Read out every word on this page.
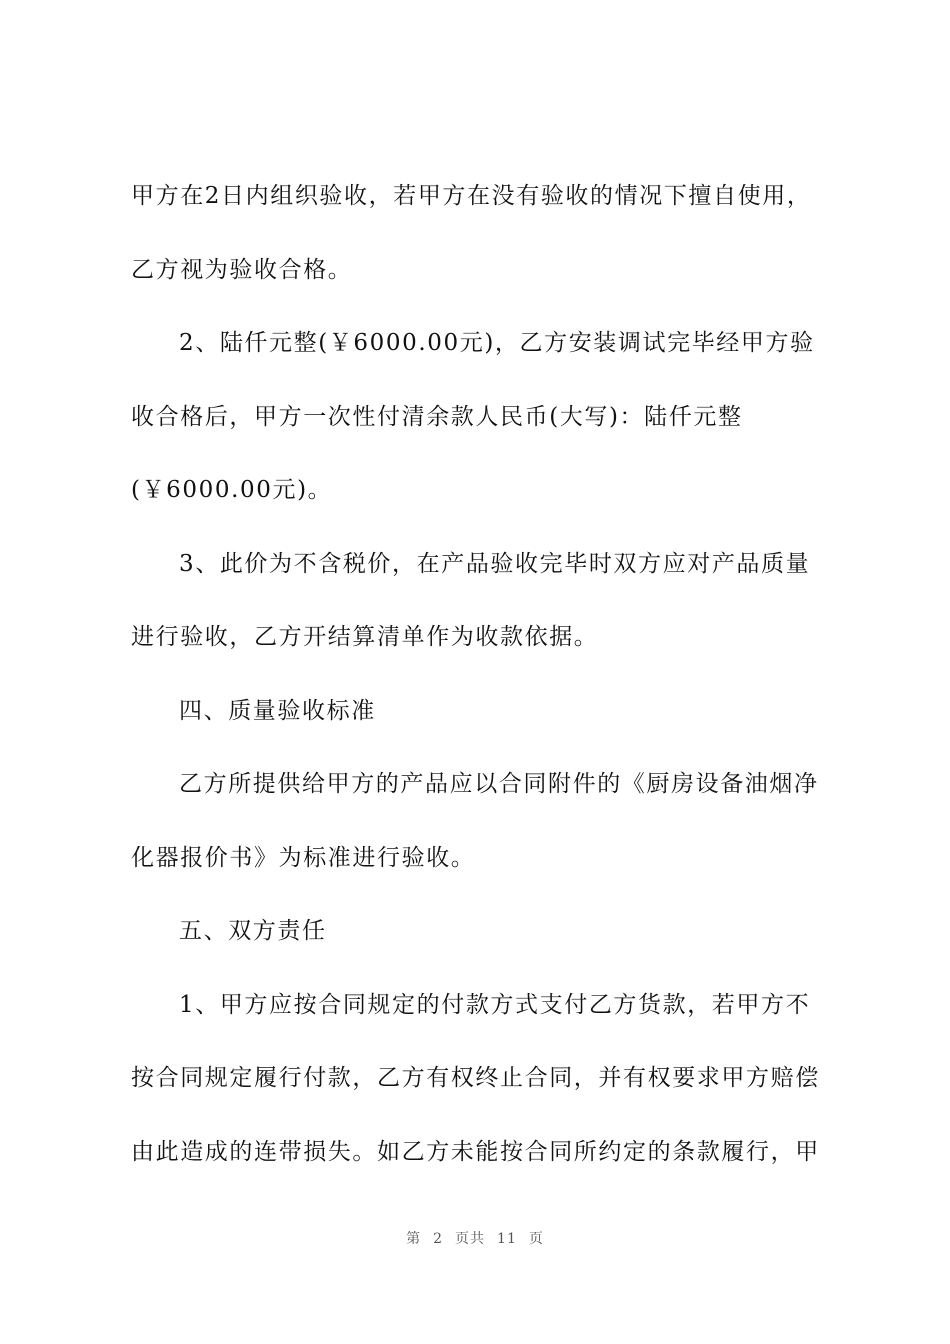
甲方在2日内组织验收，若甲方在没有验收的情况下擅自使用，
乙方视为验收合格。
2、陆仟元整(￥6000.00元)，乙方安装调试完毕经甲方验
收合格后，甲方一次性付清余款人民币(大写)：陆仟元整
(￥6000.00元)。
3、此价为不含税价，在产品验收完毕时双方应对产品质量
进行验收，乙方开结算清单作为收款依据。
四、质量验收标准
乙方所提供给甲方的产品应以合同附件的《厨房设备油烟净
化器报价书》为标准进行验收。
五、双方责任
1、甲方应按合同规定的付款方式支付乙方货款，若甲方不
按合同规定履行付款，乙方有权终止合同，并有权要求甲方赔偿
由此造成的连带损失。如乙方未能按合同所约定的条款履行，甲
第 2 页共 11 页
